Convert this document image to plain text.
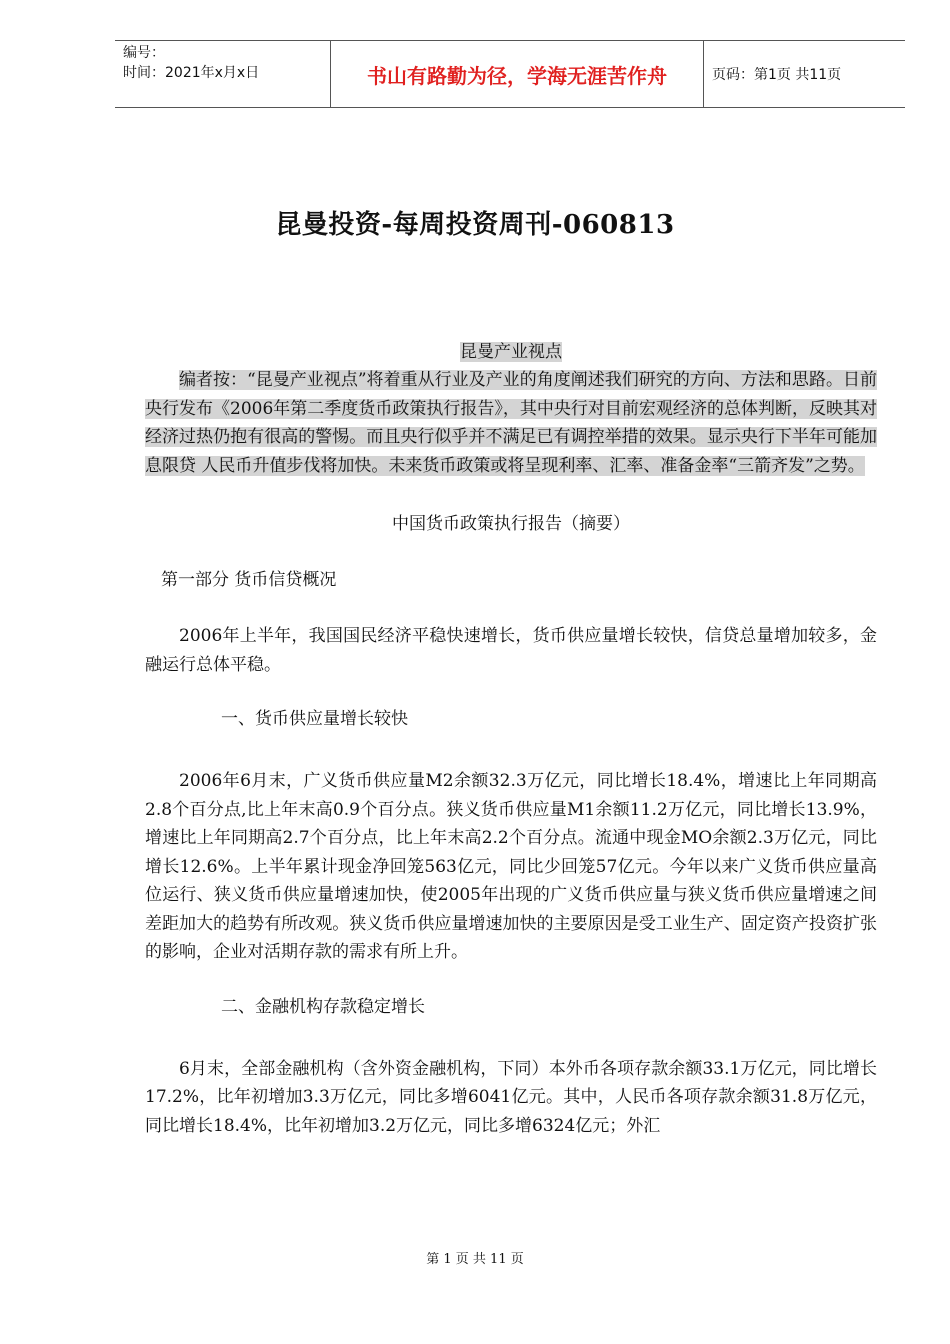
编号：
时间：2021年x月x日	书山有路勤为径，学海无涯苦作舟	页码：第1页 共11页
昆曼投资-每周投资周刊-060813
昆曼产业视点

编者按：“昆曼产业视点”将着重从行业及产业的角度阐述我们研究的方向、方法和思路。日前央行发布《2006年第二季度货币政策执行报告》，其中央行对目前宏观经济的总体判断，反映其对经济过热仍抱有很高的警惕。而且央行似乎并不满足已有调控举措的效果。显示央行下半年可能加息限贷 人民币升值步伐将加快。未来货币政策或将呈现利率、汇率、准备金率“三箭齐发”之势。

中国货币政策执行报告（摘要）
第一部分 货币信贷概况

2006年上半年，我国国民经济平稳快速增长，货币供应量增长较快，信贷总量增加较多，金融运行总体平稳。

一、货币供应量增长较快

2006年6月末，广义货币供应量M2余额32.3万亿元，同比增长18.4%，增速比上年同期高2.8个百分点,比上年末高0.9个百分点。狭义货币供应量M1余额11.2万亿元，同比增长13.9%，增速比上年同期高2.7个百分点，比上年末高2.2个百分点。流通中现金MO余额2.3万亿元，同比增长12.6%。上半年累计现金净回笼563亿元，同比少回笼57亿元。今年以来广义货币供应量高位运行、狭义货币供应量增速加快，使2005年出现的广义货币供应量与狭义货币供应量增速之间差距加大的趋势有所改观。狭义货币供应量增速加快的主要原因是受工业生产、固定资产投资扩张的影响，企业对活期存款的需求有所上升。

二、金融机构存款稳定增长

6月末，全部金融机构（含外资金融机构，下同）本外币各项存款余额33.1万亿元，同比增长17.2%，比年初增加3.3万亿元，同比多增6041亿元。其中，人民币各项存款余额31.8万亿元，同比增长18.4%，比年初增加3.2万亿元，同比多增6324亿元；外汇

第 1 页 共 11 页
